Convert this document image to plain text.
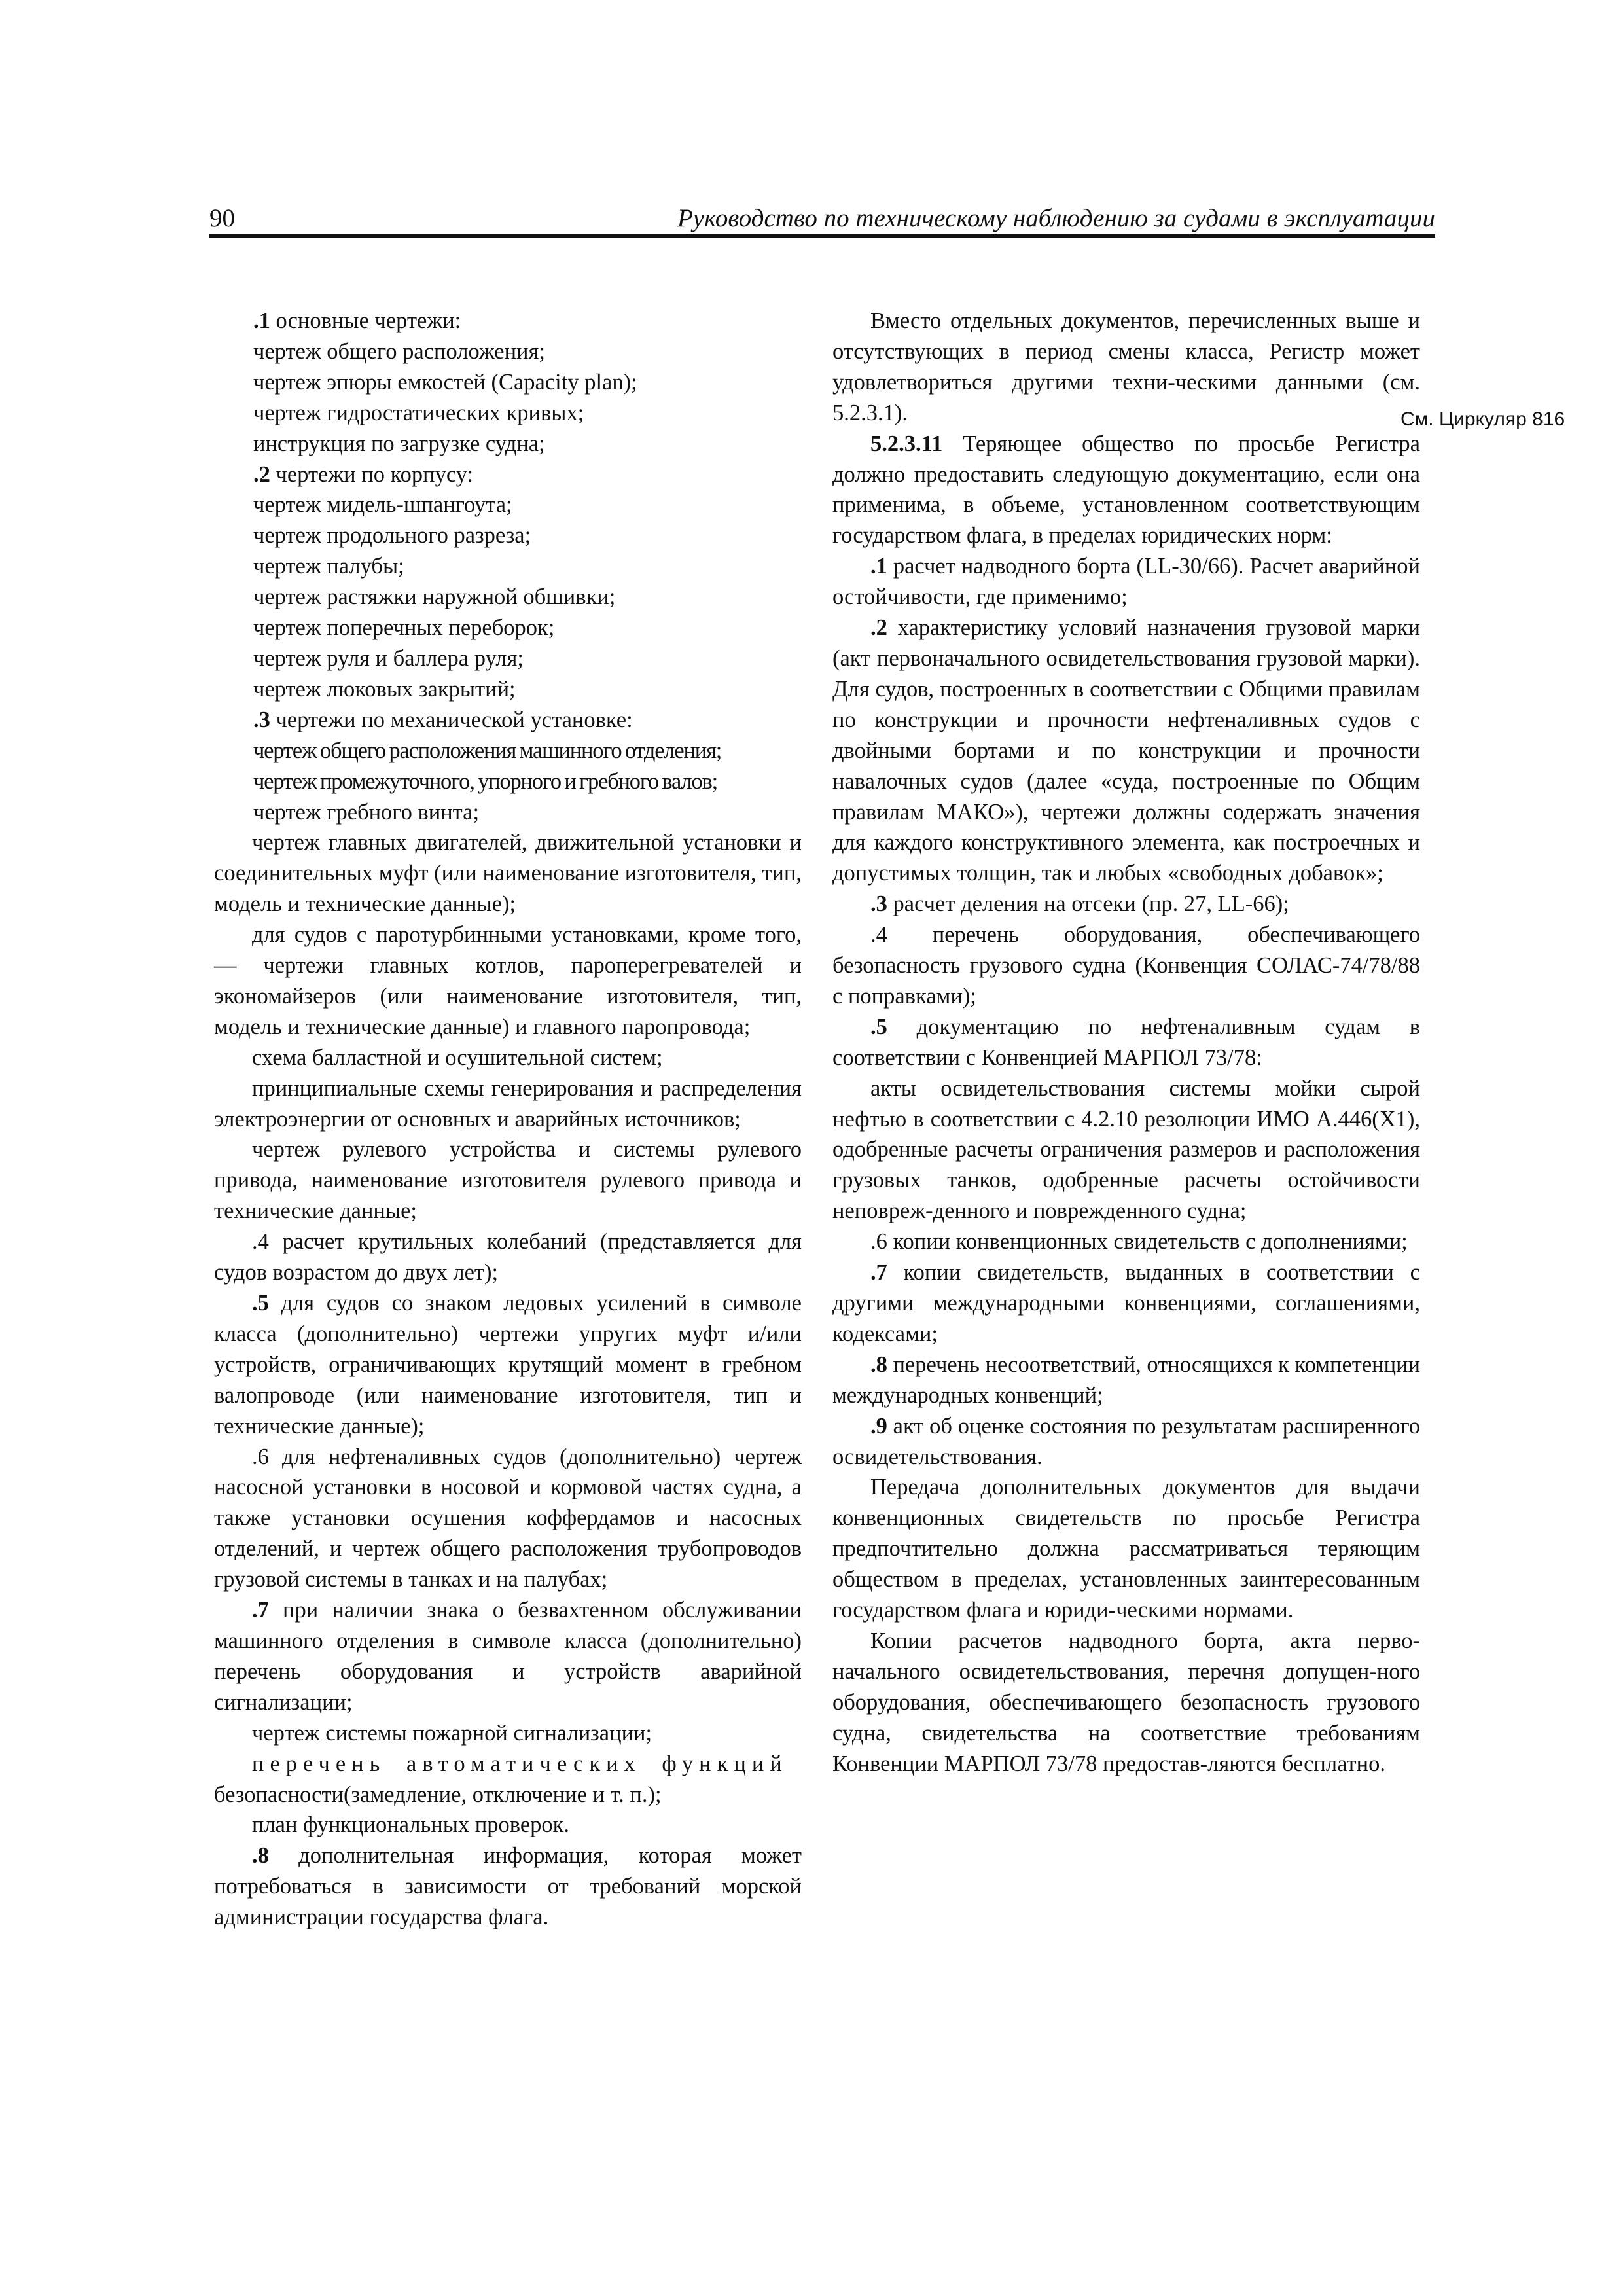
90	Руководство по техническому наблюдению за судами в эксплуатации

.1 основные чертежи:

чертеж общего расположения;

чертеж эпюры емкостей (Capacity plan);

чертеж гидростатических кривых;

инструкция по загрузке судна;

.2 чертежи по корпусу:

чертеж мидель-шпангоута;

чертеж продольного разреза;

чертеж палубы;

чертеж растяжки наружной обшивки;

чертеж поперечных переборок;

чертеж руля и баллера руля;

чертеж люковых закрытий;

.3 чертежи по механической установке:

чертеж общего расположения машинного отделения;

чертеж промежуточного, упорного и гребного валов;

чертеж гребного винта;

чертеж главных двигателей, движительной установки и соединительных муфт (или наименование изготовителя, тип, модель и технические данные);

для судов с паротурбинными установками, кроме того, — чертежи главных котлов, пароперегревателей и экономайзеров (или наименование изготовителя, тип, модель и технические данные) и главного паропровода;

схема балластной и осушительной систем;

принципиальные схемы генерирования и распределения электроэнергии от основных и аварийных источников;

чертеж рулевого устройства и системы рулевого привода, наименование изготовителя рулевого привода и технические данные;

.4 расчет крутильных колебаний (представляется для судов возрастом до двух лет);

.5 для судов со знаком ледовых усилений в символе класса (дополнительно) чертежи упругих муфт и/или устройств, ограничивающих крутящий момент в гребном валопроводе (или наименование изготовителя, тип и технические данные);

.6 для нефтеналивных судов (дополнительно) чертеж насосной установки в носовой и кормовой частях судна, а также установки осушения коффердамов и насосных отделений, и чертеж общего расположения трубопроводов грузовой системы в танках и на палубах;

.7 при наличии знака о безвахтенном обслуживании машинного отделения в символе класса (дополнительно) перечень оборудования и устройств аварийной сигнализации;

чертеж системы пожарной сигнализации;

перечень автоматических функций

безопасности(замедление, отключение и т. п.);

план функциональных проверок.

.8 дополнительная информация, которая может потребоваться в зависимости от требований морской администрации государства флага.

Вместо отдельных документов, перечисленных выше и отсутствующих в период смены класса, Регистр может удовлетвориться другими техни-ческими данными (см. 5.2.3.1).

5.2.3.11 Теряющее общество по просьбе Регистра должно предоставить следующую документацию, если она применима, в объеме, установленном соответствующим государством флага, в пределах юридических норм:

.1 расчет надводного борта (LL-30/66). Расчет аварийной остойчивости, где применимо;

.2 характеристику условий назначения грузовой марки (акт первоначального освидетельствования грузовой марки). Для судов, построенных в соответствии с Общими правилам по конструкции и прочности нефтеналивных судов с двойными бортами и по конструкции и прочности навалочных судов (далее «суда, построенные по Общим правилам МАКО»), чертежи должны содержать значения для каждого конструктивного элемента, как построечных и допустимых толщин, так и любых «свободных добавок»;

.3 расчет деления на отсеки (пр. 27, LL-66);

.4 перечень оборудования, обеспечивающего безопасность грузового судна (Конвенция СОЛАС-74/78/88 с поправками);

.5 документацию по нефтеналивным судам в соответствии с Конвенцией МАРПОЛ 73/78:

акты освидетельствования системы мойки сырой нефтью в соответствии с 4.2.10 резолюции ИМО А.446(Х1), одобренные расчеты ограничения размеров и расположения грузовых танков, одобренные расчеты остойчивости неповреж-денного и поврежденного судна;

.6 копии конвенционных свидетельств с дополнениями;

.7 копии свидетельств, выданных в соответствии с другими международными конвенциями, соглашениями, кодексами;

.8 перечень несоответствий, относящихся к компетенции международных конвенций;

.9 акт об оценке состояния по результатам расширенного освидетельствования.

Передача дополнительных документов для выдачи конвенционных свидетельств по просьбе Регистра предпочтительно должна рассматриваться теряющим обществом в пределах, установленных заинтересованным государством флага и юриди-ческими нормами.

Копии расчетов надводного борта, акта перво-начального освидетельствования, перечня допущен-ного оборудования, обеспечивающего безопасность грузового судна, свидетельства на соответствие требованиям Конвенции МАРПОЛ 73/78 предостав-ляются бесплатно.

См. Циркуляр 816
